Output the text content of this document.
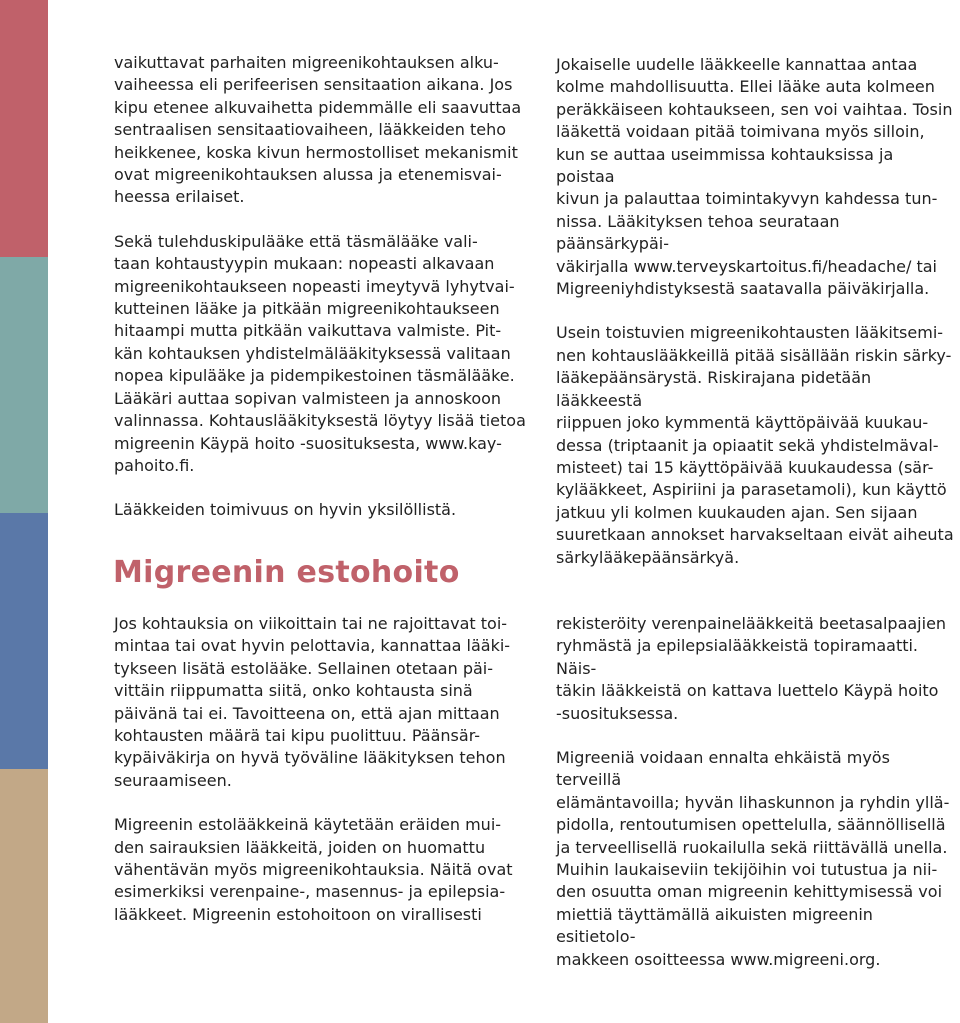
vaikuttavat parhaiten migreenikohtauksen alku-
vaiheessa eli perifeerisen sensitaation aikana. Jos
kipu etenee alkuvaihetta pidemmälle eli saavuttaa
sentraalisen sensitaatiovaiheen, lääkkeiden teho
heikkenee, koska kivun hermostolliset mekanismit
ovat migreenikohtauksen alussa ja etenemisvai-
heessa erilaiset.

Sekä tulehduskipulääke että täsmälääke vali-
taan kohtaustyypin mukaan: nopeasti alkavaan
migreenikohtaukseen nopeasti imeytyvä lyhytvai-
kutteinen lääke ja pitkään migreenikohtaukseen
hitaampi mutta pitkään vaikuttava valmiste. Pit-
kän kohtauksen yhdistelmälääkityksessä valitaan
nopea kipulääke ja pidempikestoinen täsmälääke.
Lääkäri auttaa sopivan valmisteen ja annoskoon
valinnassa. Kohtauslääkityksestä löytyy lisää tietoa
migreenin Käypä hoito -suosituksesta, www.kay-
pahoito.fi.

Lääkkeiden toimivuus on hyvin yksilöllistä.

Jokaiselle uudelle lääkkeelle kannattaa antaa
kolme mahdollisuutta. Ellei lääke auta kolmeen
peräkkäiseen kohtaukseen, sen voi vaihtaa. Tosin
lääkettä voidaan pitää toimivana myös silloin,
kun se auttaa useimmissa kohtauksissa ja poistaa
kivun ja palauttaa toimintakyvyn kahdessa tun-
nissa. Lääkityksen tehoa seurataan päänsärkypäi-
väkirjalla www.terveyskartoitus.fi/headache/ tai
Migreeniyhdistyksestä saatavalla päiväkirjalla.

Usein toistuvien migreenikohtausten lääkitsemi-
nen kohtauslääkkeillä pitää sisällään riskin särky-
lääkepäänsärystä. Riskirajana pidetään lääkkeestä
riippuen joko kymmentä käyttöpäivää kuukau-
dessa (triptaanit ja opiaatit sekä yhdistelmäval-
misteet) tai 15 käyttöpäivää kuukaudessa (sär-
kylääkkeet, Aspiriini ja parasetamoli), kun käyttö
jatkuu yli kolmen kuukauden ajan. Sen sijaan
suuretkaan annokset harvakseltaan eivät aiheuta
särkylääkepäänsärkyä.

Migreenin estohoito

Jos kohtauksia on viikoittain tai ne rajoittavat toi-
mintaa tai ovat hyvin pelottavia, kannattaa lääki-
tykseen lisätä estolääke. Sellainen otetaan päi-
vittäin riippumatta siitä, onko kohtausta sinä
päivänä tai ei. Tavoitteena on, että ajan mittaan
kohtausten määrä tai kipu puolittuu. Päänsär-
kypäiväkirja on hyvä työväline lääkityksen tehon
seuraamiseen.

Migreenin estolääkkeinä käytetään eräiden mui-
den sairauksien lääkkeitä, joiden on huomattu
vähentävän myös migreenikohtauksia. Näitä ovat
esimerkiksi verenpaine-, masennus- ja epilepsia-
lääkkeet. Migreenin estohoitoon on virallisesti

rekisteröity verenpainelääkkeitä beetasalpaajien
ryhmästä ja epilepsialääkkeistä topiramaatti. Näis-
täkin lääkkeistä on kattava luettelo Käypä hoito
-suosituksessa.

Migreeniä voidaan ennalta ehkäistä myös terveillä
elämäntavoilla; hyvän lihaskunnon ja ryhdin yllä-
pidolla, rentoutumisen opettelulla, säännöllisellä
ja terveellisellä ruokailulla sekä riittävällä unella.
Muihin laukaiseviin tekijöihin voi tutustua ja nii-
den osuutta oman migreenin kehittymisessä voi
miettiä täyttämällä aikuisten migreenin esitietolo-
makkeen osoitteessa www.migreeni.org.
